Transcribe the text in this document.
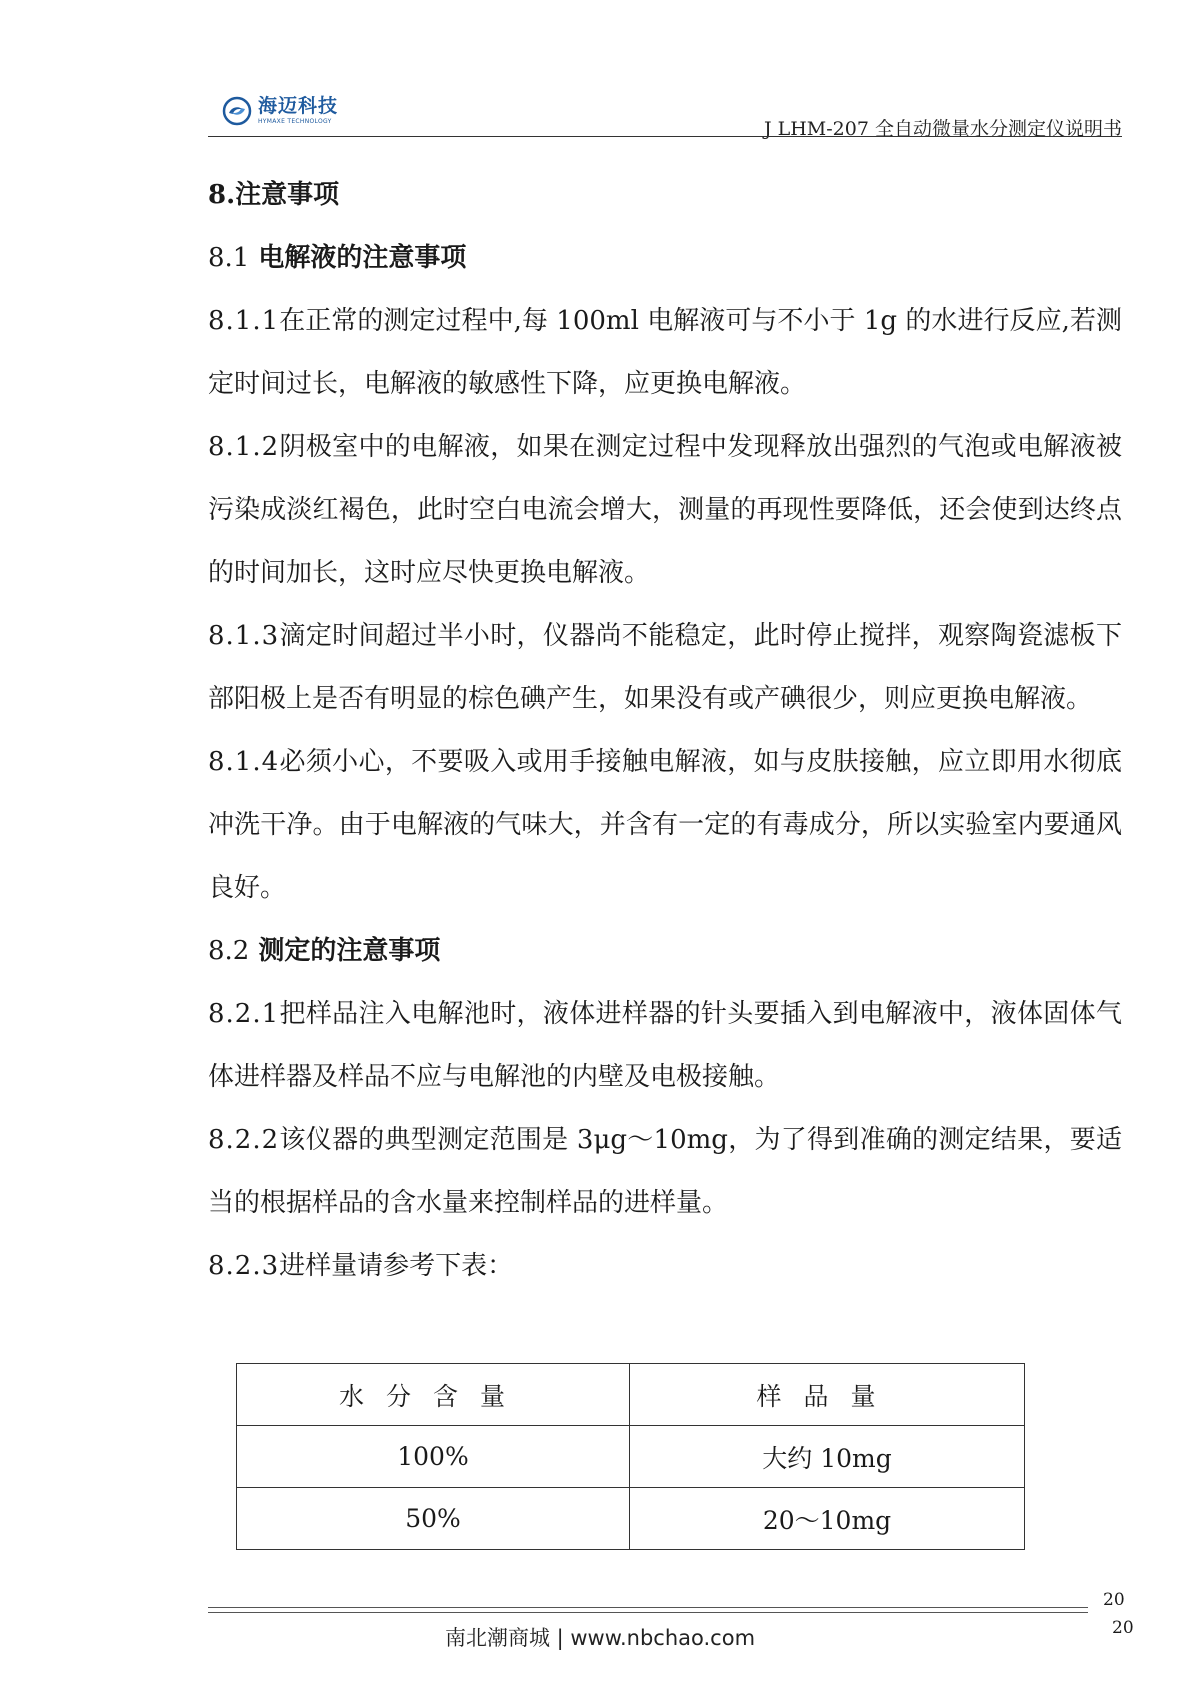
海迈科技
HYMAXE TECHNOLOGY	J LHM-207 全自动微量水分测定仪说明书

8.注意事项

8.1 电解液的注意事项

8.1.1在正常的测定过程中,每 100ml 电解液可与不小于 1g 的水进行反应,若测定时间过长，电解液的敏感性下降，应更换电解液。

8.1.2阴极室中的电解液，如果在测定过程中发现释放出强烈的气泡或电解液被污染成淡红褐色，此时空白电流会增大，测量的再现性要降低，还会使到达终点的时间加长，这时应尽快更换电解液。

8.1.3滴定时间超过半小时，仪器尚不能稳定，此时停止搅拌，观察陶瓷滤板下部阳极上是否有明显的棕色碘产生，如果没有或产碘很少，则应更换电解液。

8.1.4必须小心，不要吸入或用手接触电解液，如与皮肤接触，应立即用水彻底冲洗干净。由于电解液的气味大，并含有一定的有毒成分，所以实验室内要通风良好。

8.2 测定的注意事项

8.2.1把样品注入电解池时，液体进样器的针头要插入到电解液中，液体固体气体进样器及样品不应与电解池的内壁及电极接触。

8.2.2该仪器的典型测定范围是 3μg～10mg，为了得到准确的测定结果，要适当的根据样品的含水量来控制样品的进样量。

8.2.3进样量请参考下表：

水分含量	样品量
100%	大约 10mg
50%	20～10mg
20
20
南北潮商城 | www.nbchao.com
